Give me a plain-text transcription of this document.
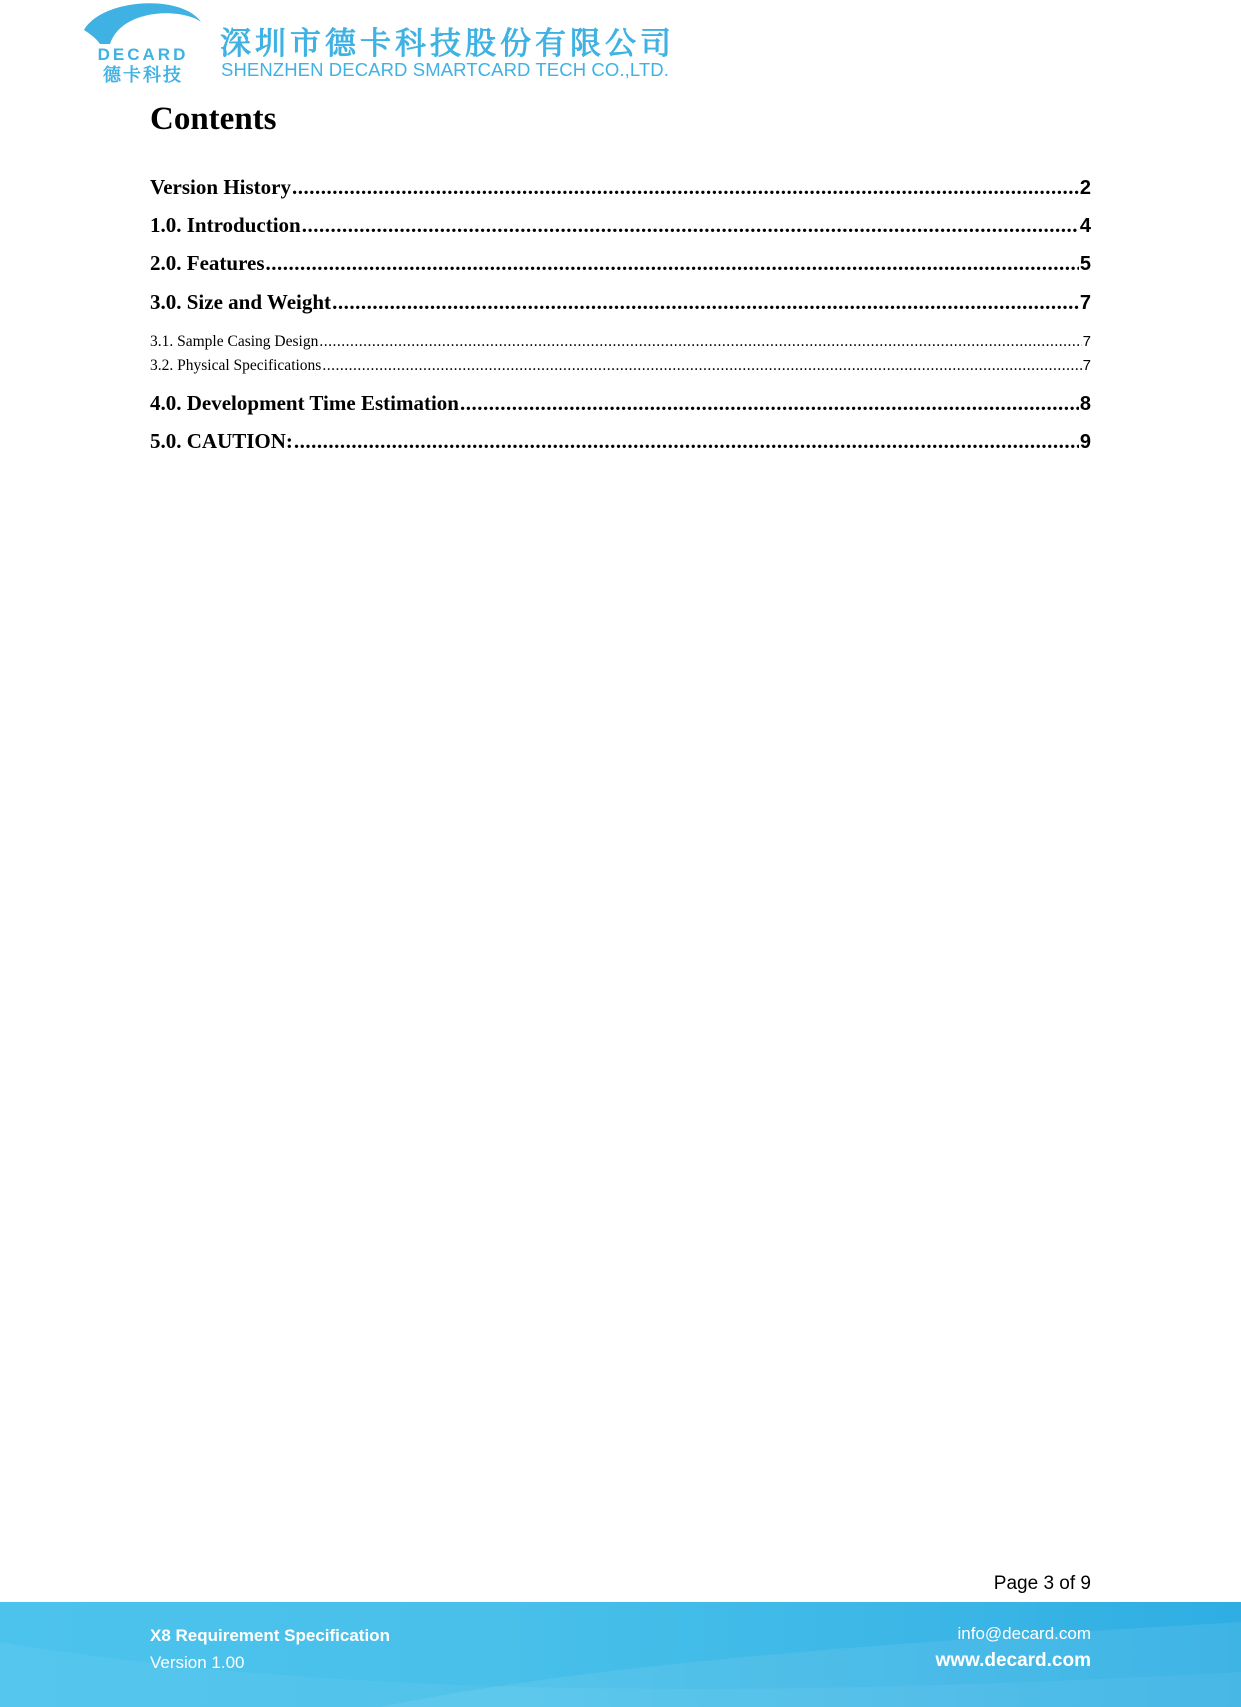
DECARD
德卡科技
深圳市德卡科技股份有限公司
SHENZHEN DECARD SMARTCARD TECH CO.,LTD.
Contents
Version History .....	2
1.0. Introduction .....	4
2.0. Features .....	5
3.0. Size and Weight .....	7
3.1. Sample Casing Design .....	7
3.2. Physical Specifications .....	7
4.0. Development Time Estimation .....	8
5.0. CAUTION: .....	9
Page 3 of 9
X8 Requirement Specification
Version 1.00
info@decard.com
www.decard.com
